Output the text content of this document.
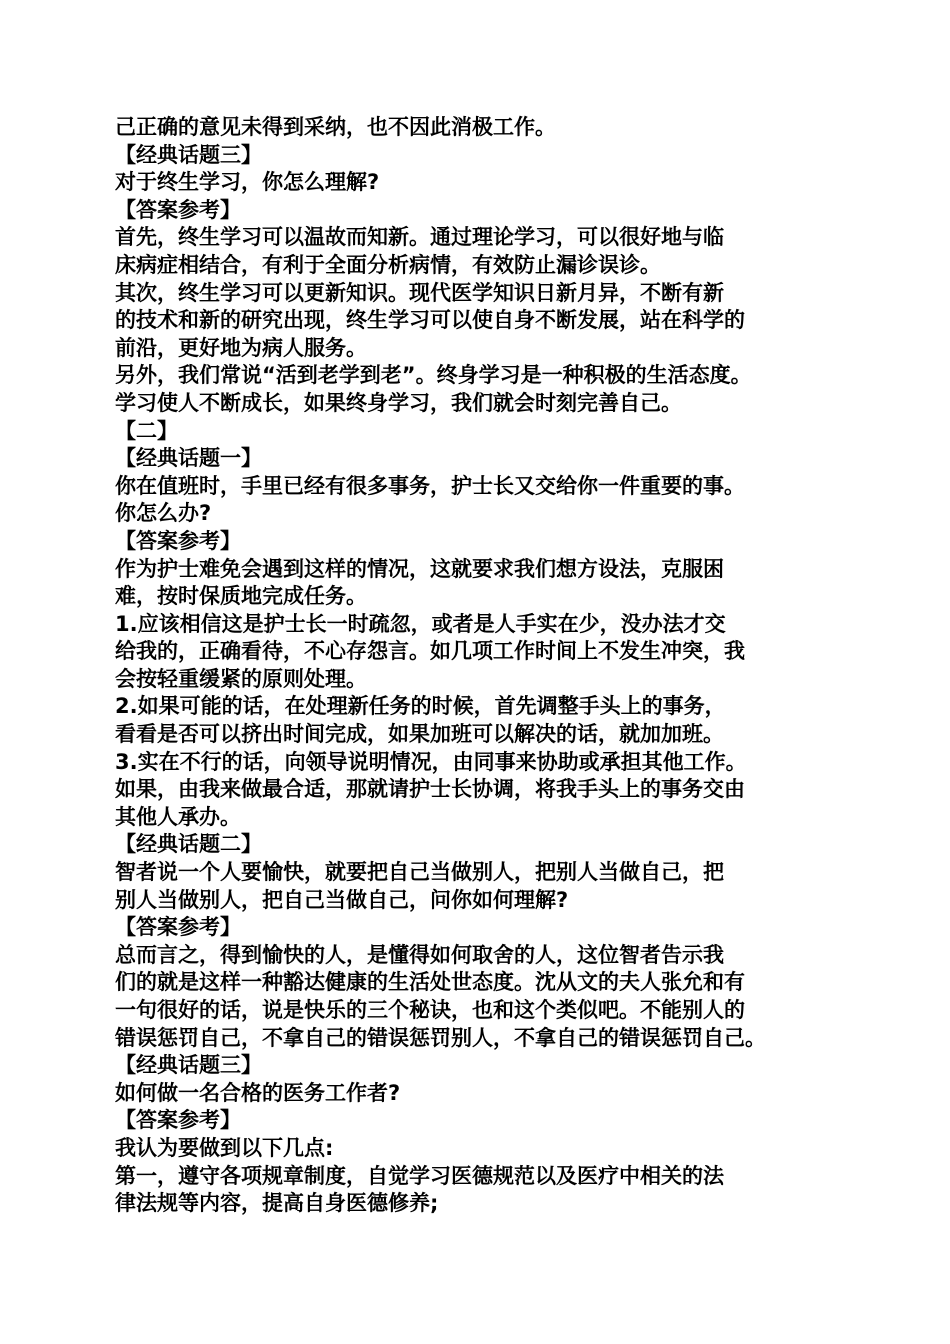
己正确的意见未得到采纳，也不因此消极工作。
【经典话题三】
对于终生学习，你怎么理解?
【答案参考】
首先，终生学习可以温故而知新。通过理论学习，可以很好地与临
床病症相结合，有利于全面分析病情，有效防止漏诊误诊。
其次，终生学习可以更新知识。现代医学知识日新月异，不断有新
的技术和新的研究出现，终生学习可以使自身不断发展，站在科学的
前沿，更好地为病人服务。
另外，我们常说“活到老学到老”。终身学习是一种积极的生活态度。
学习使人不断成长，如果终身学习，我们就会时刻完善自己。
【二】
【经典话题一】
你在值班时，手里已经有很多事务，护士长又交给你一件重要的事。
你怎么办?
【答案参考】
作为护士难免会遇到这样的情况，这就要求我们想方设法，克服困
难，按时保质地完成任务。
1.应该相信这是护士长一时疏忽，或者是人手实在少，没办法才交
给我的，正确看待，不心存怨言。如几项工作时间上不发生冲突，我
会按轻重缓紧的原则处理。
2.如果可能的话，在处理新任务的时候，首先调整手头上的事务，
看看是否可以挤出时间完成，如果加班可以解决的话，就加加班。
3.实在不行的话，向领导说明情况，由同事来协助或承担其他工作。
如果，由我来做最合适，那就请护士长协调，将我手头上的事务交由
其他人承办。
【经典话题二】
智者说一个人要愉快，就要把自己当做别人，把别人当做自己，把
别人当做别人，把自己当做自己，问你如何理解?
【答案参考】
总而言之，得到愉快的人，是懂得如何取舍的人，这位智者告示我
们的就是这样一种豁达健康的生活处世态度。沈从文的夫人张允和有
一句很好的话，说是快乐的三个秘诀，也和这个类似吧。不能别人的
错误惩罚自己，不拿自己的错误惩罚别人，不拿自己的错误惩罚自己。
【经典话题三】
如何做一名合格的医务工作者?
【答案参考】
我认为要做到以下几点:
第一，遵守各项规章制度，自觉学习医德规范以及医疗中相关的法
律法规等内容，提高自身医德修养;
